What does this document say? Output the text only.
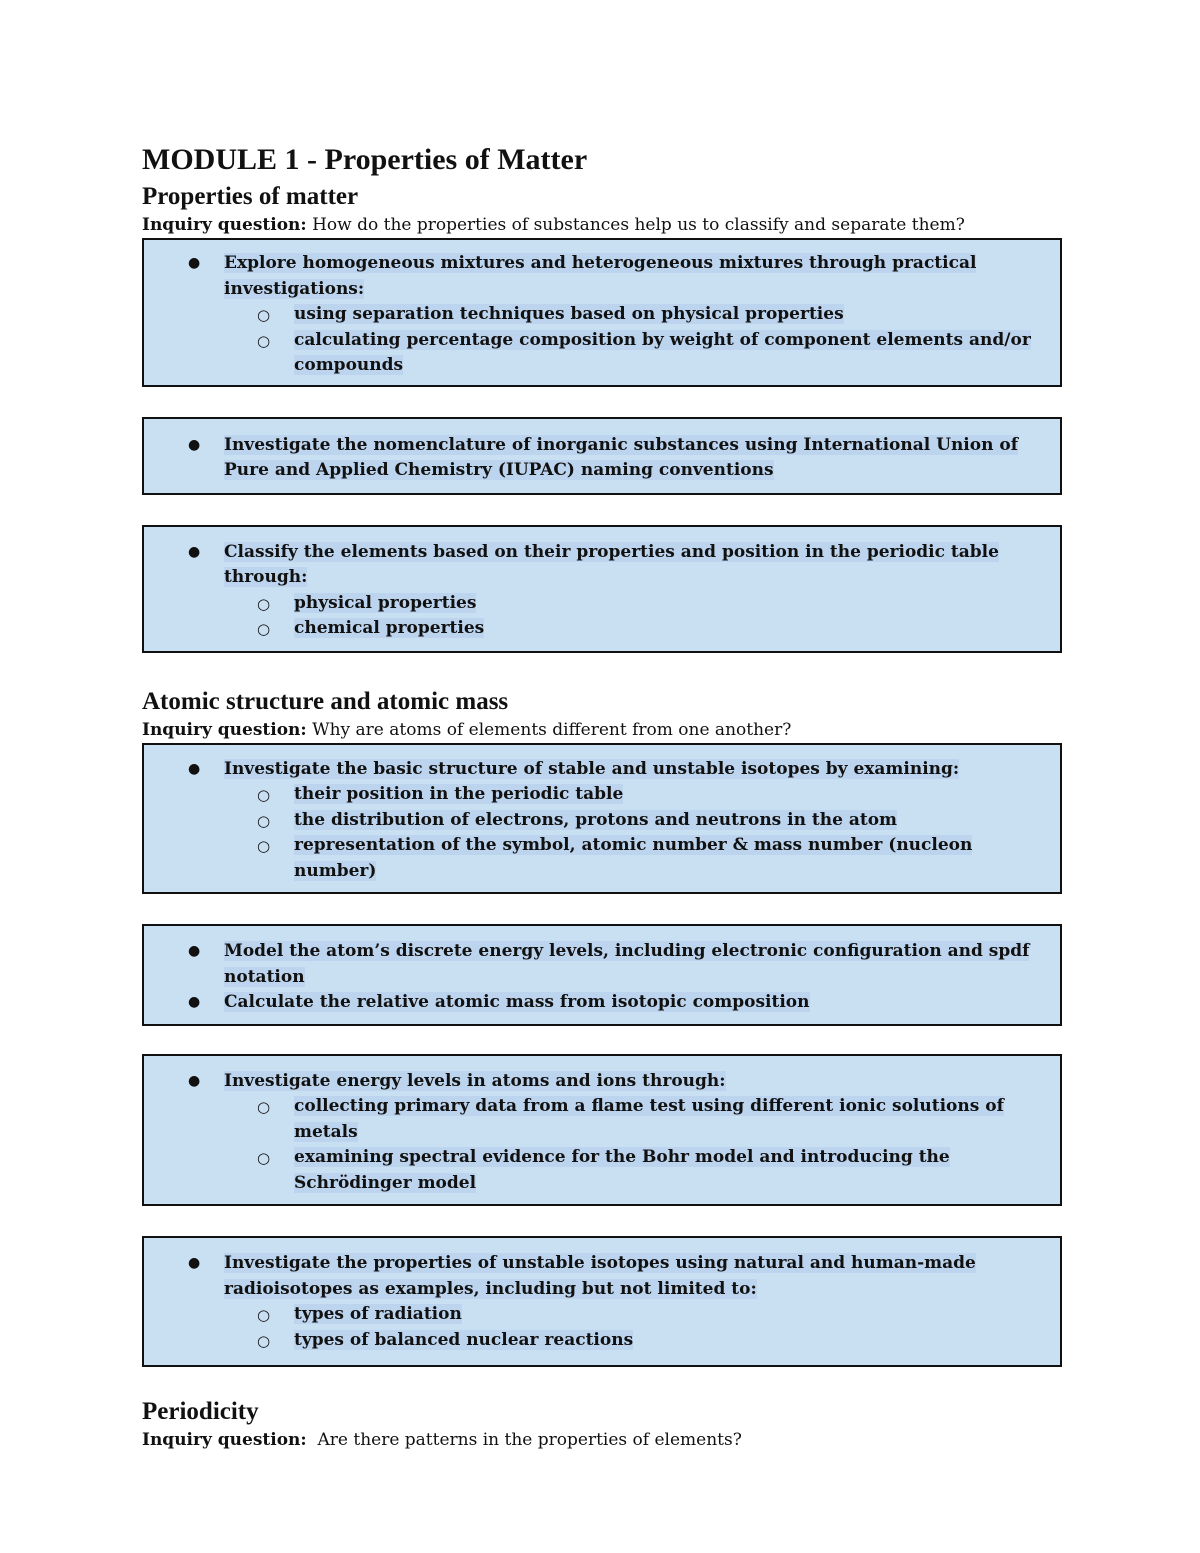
MODULE 1 - Properties of Matter
Properties of matter

Inquiry question: How do the properties of substances help us to classify and separate them?

● Explore homogeneous mixtures and heterogeneous mixtures through practical investigations:
○ using separation techniques based on physical properties
○ calculating percentage composition by weight of component elements and/or compounds
● Investigate the nomenclature of inorganic substances using International Union of Pure and Applied Chemistry (IUPAC) naming conventions
● Classify the elements based on their properties and position in the periodic table through:
○ physical properties
○ chemical properties
Atomic structure and atomic mass

Inquiry question: Why are atoms of elements different from one another?

● Investigate the basic structure of stable and unstable isotopes by examining:
○ their position in the periodic table
○ the distribution of electrons, protons and neutrons in the atom
○ representation of the symbol, atomic number & mass number (nucleon number)
● Model the atom’s discrete energy levels, including electronic configuration and spdf notation
● Calculate the relative atomic mass from isotopic composition
● Investigate energy levels in atoms and ions through:
○ collecting primary data from a flame test using different ionic solutions of metals
○ examining spectral evidence for the Bohr model and introducing the Schrödinger model
● Investigate the properties of unstable isotopes using natural and human-made radioisotopes as examples, including but not limited to:
○ types of radiation
○ types of balanced nuclear reactions
Periodicity

Inquiry question:  Are there patterns in the properties of elements?
